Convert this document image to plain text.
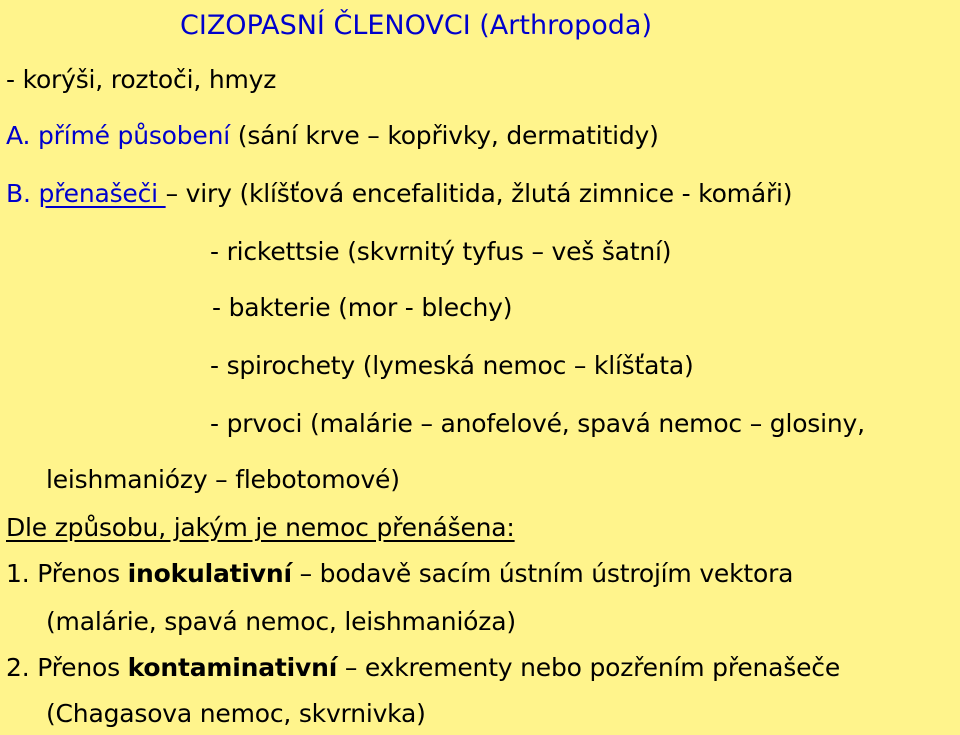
CIZOPASNÍ ČLENOVCI (Arthropoda)
- korýši, roztoči, hmyz
A. přímé působení (sání krve – kopřivky, dermatitidy)
B. přenašeči – viry (klíšťová encefalitida, žlutá zimnice - komáři)
- rickettsie (skvrnitý tyfus – veš šatní)
- bakterie (mor - blechy)
- spirochety (lymeská nemoc – klíšťata)
- prvoci (malárie – anofelové, spavá nemoc – glosiny,
leishmaniózy – flebotomové)
Dle způsobu, jakým je nemoc přenášena:
1. Přenos inokulativní – bodavě sacím ústním ústrojím vektora
(malárie, spavá nemoc, leishmanióza)
2. Přenos kontaminativní – exkrementy nebo pozřením přenašeče
(Chagasova nemoc, skvrnivka)
